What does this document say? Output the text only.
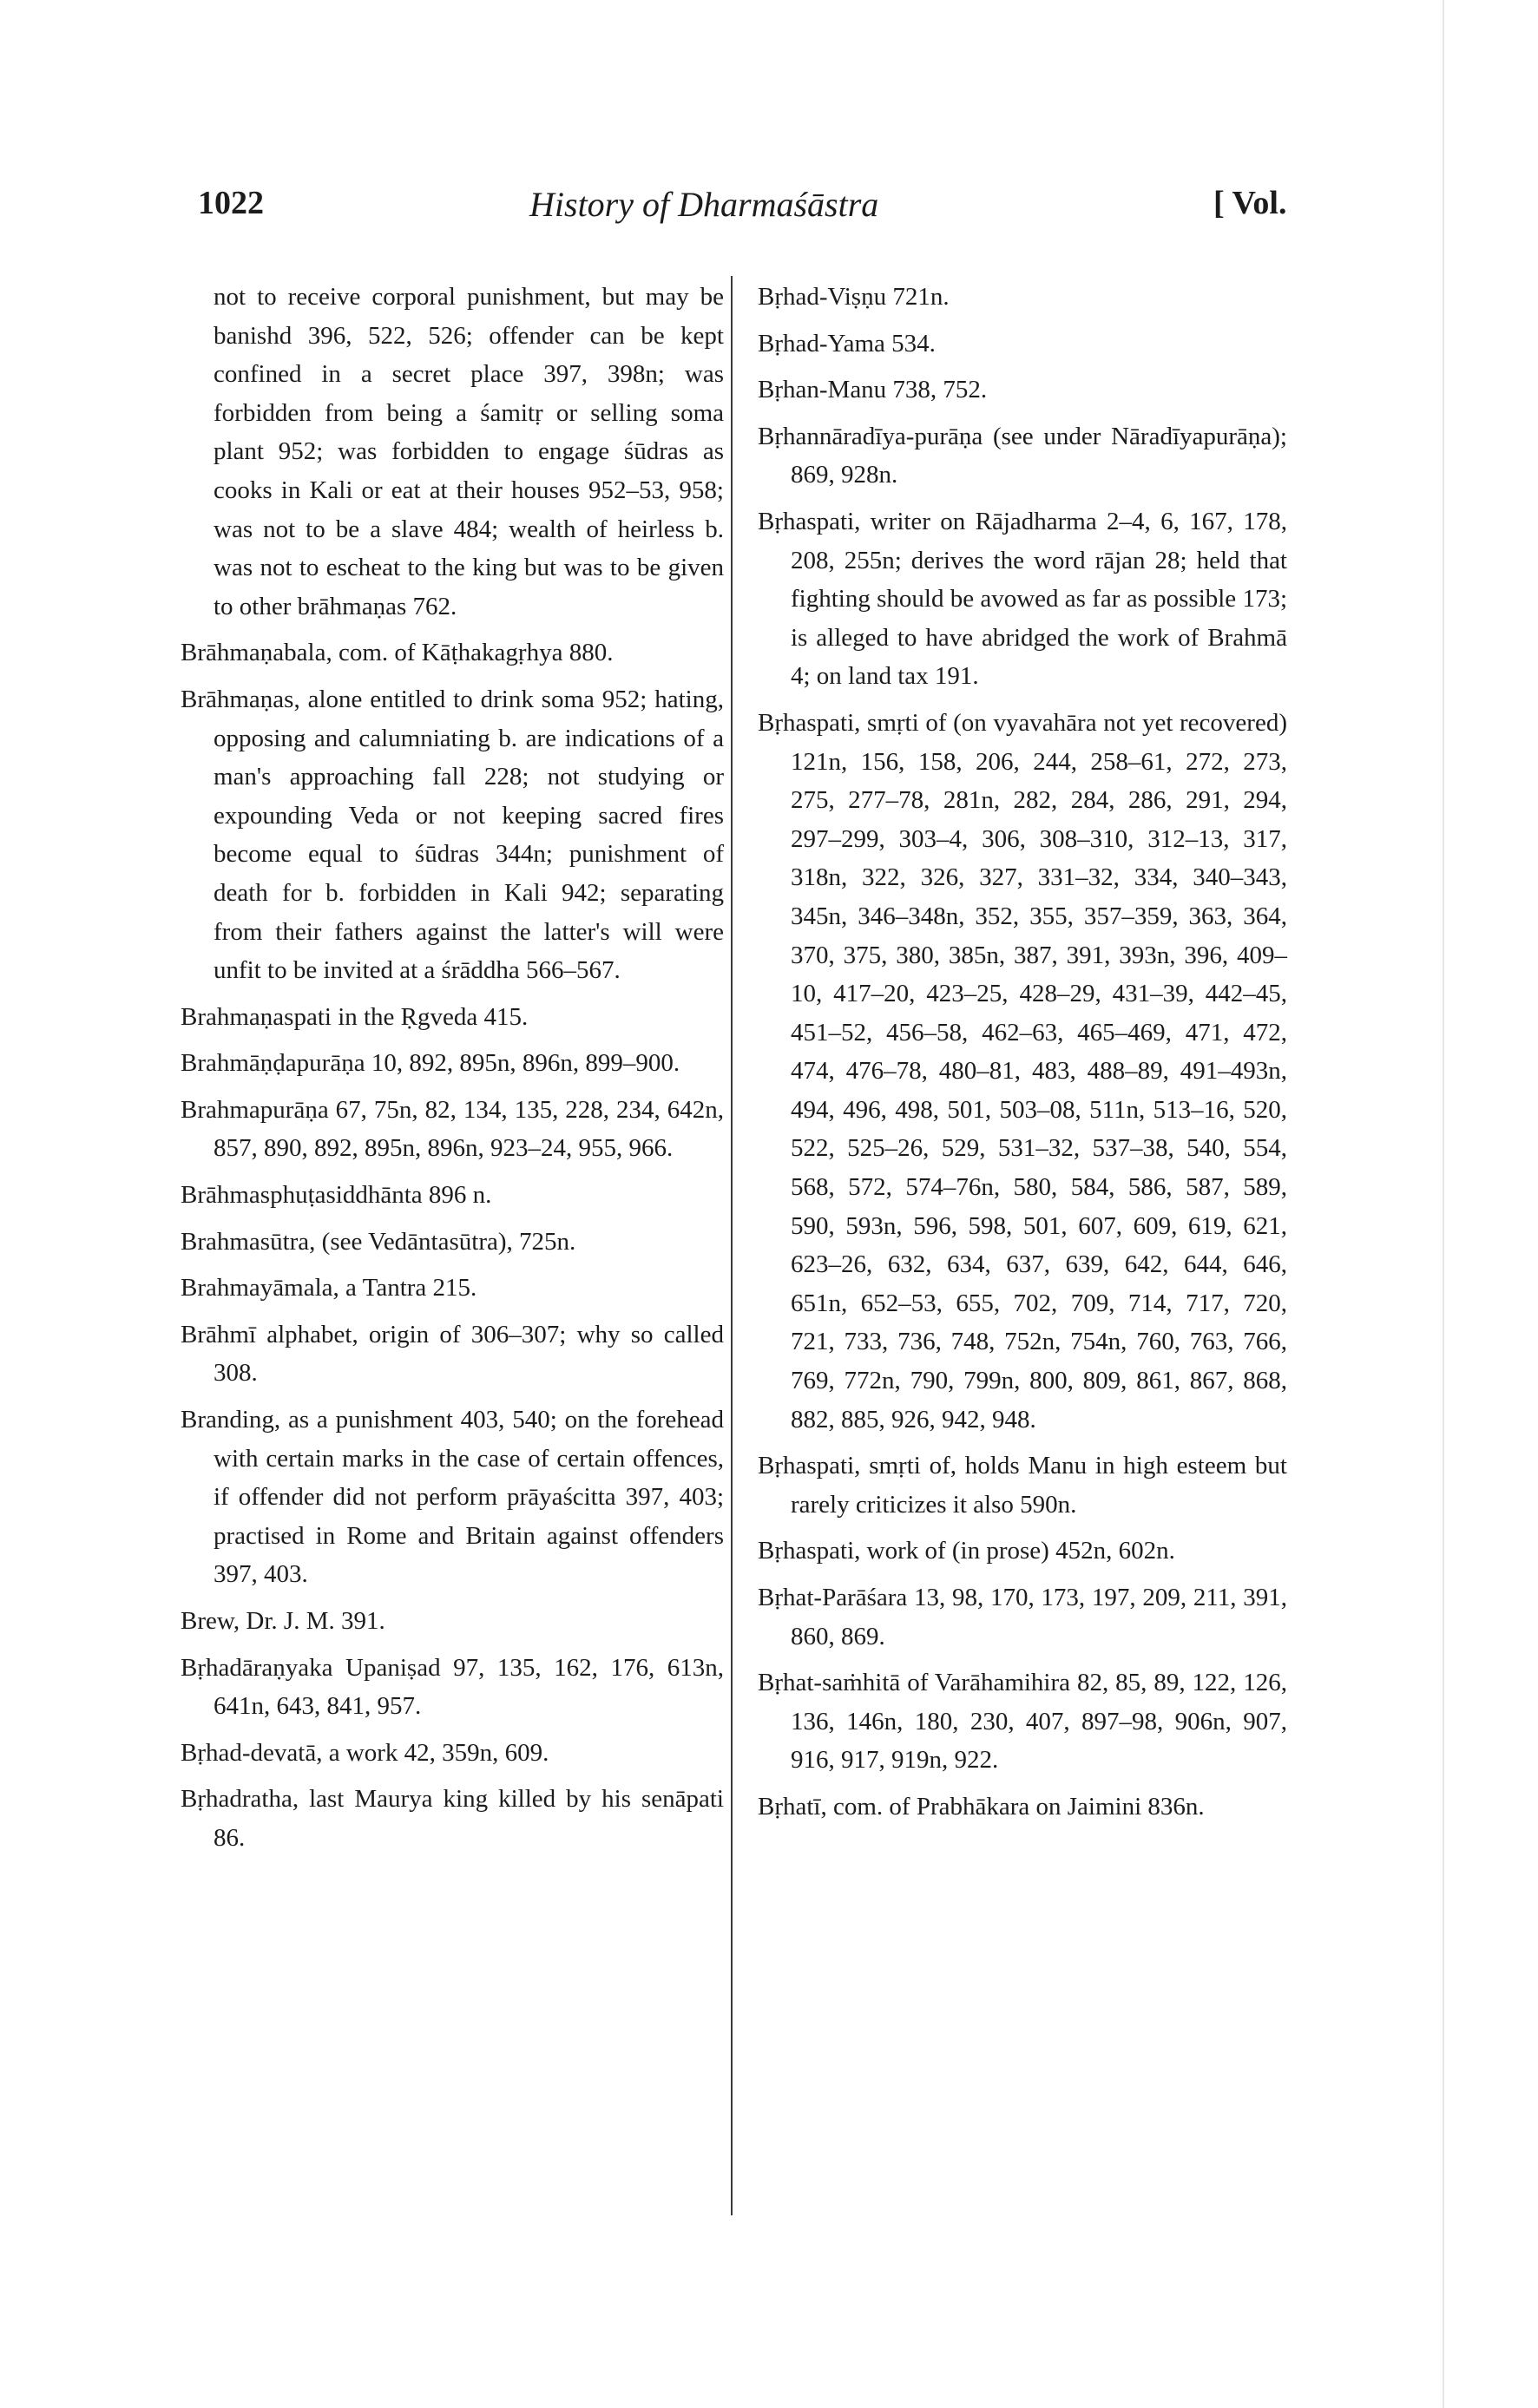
1022	History of Dharmaśāstra	[ Vol.
not to receive corporal punishment, but may be banishd 396, 522, 526; offender can be kept confined in a secret place 397, 398n; was forbidden from being a śamitṛ or selling soma plant 952; was forbidden to engage śūdras as cooks in Kali or eat at their houses 952–53, 958; was not to be a slave 484; wealth of heirless b. was not to escheat to the king but was to be given to other brāhmaṇas 762.
Brāhmaṇabala, com. of Kāṭhakagṛhya 880.
Brāhmaṇas, alone entitled to drink soma 952; hating, opposing and calumniating b. are indications of a man's approaching fall 228; not studying or expounding Veda or not keeping sacred fires become equal to śūdras 344n; punishment of death for b. forbidden in Kali 942; separating from their fathers against the latter's will were unfit to be invited at a śrāddha 566–567.
Brahmaṇaspati in the Ṛgveda 415.
Brahmāṇḍapurāṇa 10, 892, 895n, 896n, 899–900.
Brahmapurāṇa 67, 75n, 82, 134, 135, 228, 234, 642n, 857, 890, 892, 895n, 896n, 923–24, 955, 966.
Brāhmasphuṭasiddhānta 896 n.
Brahmasūtra, (see Vedāntasūtra), 725n.
Brahmayāmala, a Tantra 215.
Brāhmī alphabet, origin of 306–307; why so called 308.
Branding, as a punishment 403, 540; on the forehead with certain marks in the case of certain offences, if offender did not perform prāyaścitta 397, 403; practised in Rome and Britain against offenders 397, 403.
Brew, Dr. J. M. 391.
Bṛhadāraṇyaka Upaniṣad 97, 135, 162, 176, 613n, 641n, 643, 841, 957.
Bṛhad-devatā, a work 42, 359n, 609.
Bṛhadratha, last Maurya king killed by his senāpati 86.
Bṛhad-Viṣṇu 721n.
Bṛhad-Yama 534.
Bṛhan-Manu 738, 752.
Bṛhannāradīya-purāṇa (see under Nāradīyapurāṇa); 869, 928n.
Bṛhaspati, writer on Rājadharma 2–4, 6, 167, 178, 208, 255n; derives the word rājan 28; held that fighting should be avowed as far as possible 173; is alleged to have abridged the work of Brahmā 4; on land tax 191.
Bṛhaspati, smṛti of (on vyavahāra not yet recovered) 121n, 156, 158, 206, 244, 258–61, 272, 273, 275, 277–78, 281n, 282, 284, 286, 291, 294, 297–299, 303–4, 306, 308–310, 312–13, 317, 318n, 322, 326, 327, 331–32, 334, 340–343, 345n, 346–348n, 352, 355, 357–359, 363, 364, 370, 375, 380, 385n, 387, 391, 393n, 396, 409–10, 417–20, 423–25, 428–29, 431–39, 442–45, 451–52, 456–58, 462–63, 465–469, 471, 472, 474, 476–78, 480–81, 483, 488–89, 491–493n, 494, 496, 498, 501, 503–08, 511n, 513–16, 520, 522, 525–26, 529, 531–32, 537–38, 540, 554, 568, 572, 574–76n, 580, 584, 586, 587, 589, 590, 593n, 596, 598, 501, 607, 609, 619, 621, 623–26, 632, 634, 637, 639, 642, 644, 646, 651n, 652–53, 655, 702, 709, 714, 717, 720, 721, 733, 736, 748, 752n, 754n, 760, 763, 766, 769, 772n, 790, 799n, 800, 809, 861, 867, 868, 882, 885, 926, 942, 948.
Bṛhaspati, smṛti of, holds Manu in high esteem but rarely criticizes it also 590n.
Bṛhaspati, work of (in prose) 452n, 602n.
Bṛhat-Parāśara 13, 98, 170, 173, 197, 209, 211, 391, 860, 869.
Bṛhat-saṁhitā of Varāhamihira 82, 85, 89, 122, 126, 136, 146n, 180, 230, 407, 897–98, 906n, 907, 916, 917, 919n, 922.
Bṛhatī, com. of Prabhākara on Jaimini 836n.
